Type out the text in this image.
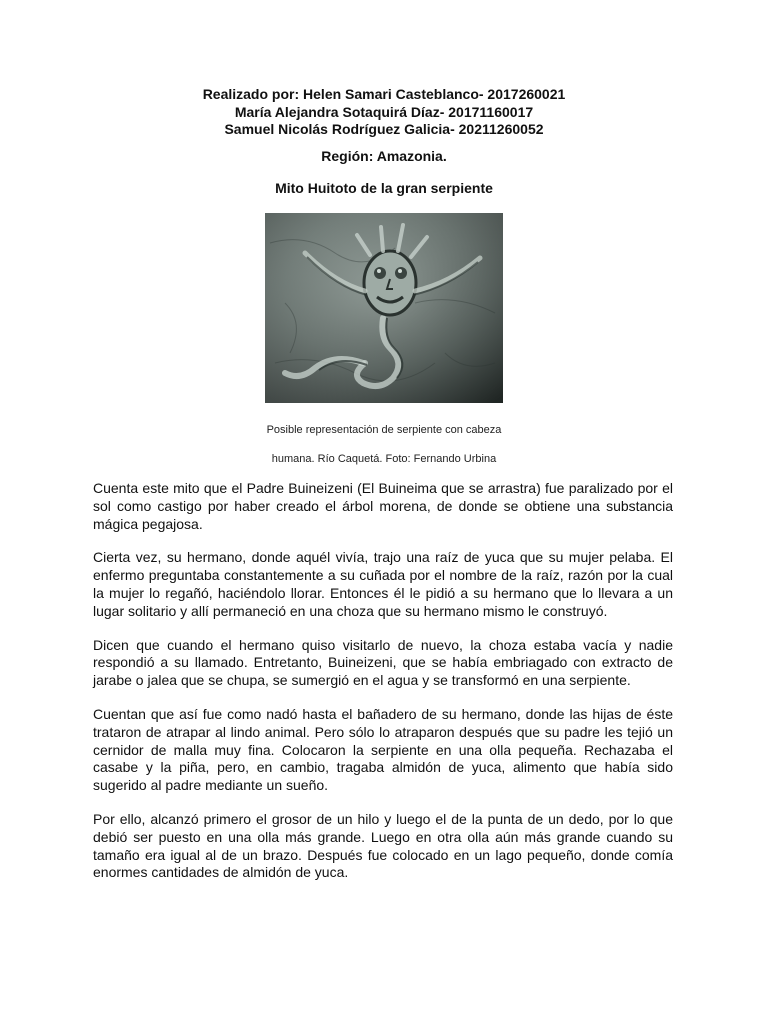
Realizado por: Helen Samari Casteblanco- 2017260021
María Alejandra Sotaquirá Díaz- 20171160017
Samuel Nicolás Rodríguez Galicia- 20211260052
Región: Amazonia.
Mito Huitoto de la gran serpiente
Posible representación de serpiente con cabeza
humana. Río Caquetá. Foto: Fernando Urbina

Cuenta este mito que el Padre Buineizeni (El Buineima que se arrastra) fue paralizado por el sol como castigo por haber creado el árbol morena, de donde se obtiene una substancia mágica pegajosa.

Cierta vez, su hermano, donde aquél vivía, trajo una raíz de yuca que su mujer pelaba. El enfermo preguntaba constantemente a su cuñada por el nombre de la raíz, razón por la cual la mujer lo regañó, haciéndolo llorar. Entonces él le pidió a su hermano que lo llevara a un lugar solitario y allí permaneció en una choza que su hermano mismo le construyó.

Dicen que cuando el hermano quiso visitarlo de nuevo, la choza estaba vacía y nadie respondió a su llamado. Entretanto, Buineizeni, que se había embriagado con extracto de jarabe o jalea que se chupa, se sumergió en el agua y se transformó en una serpiente.

Cuentan que así fue como nadó hasta el bañadero de su hermano, donde las hijas de éste trataron de atrapar al lindo animal. Pero sólo lo atraparon después que su padre les tejió un cernidor de malla muy fina. Colocaron la serpiente en una olla pequeña. Rechazaba el casabe y la piña, pero, en cambio, tragaba almidón de yuca, alimento que había sido sugerido al padre mediante un sueño.

Por ello, alcanzó primero el grosor de un hilo y luego el de la punta de un dedo, por lo que debió ser puesto en una olla más grande. Luego en otra olla aún más grande cuando su tamaño era igual al de un brazo. Después fue colocado en un lago pequeño, donde comía enormes cantidades de almidón de yuca.
